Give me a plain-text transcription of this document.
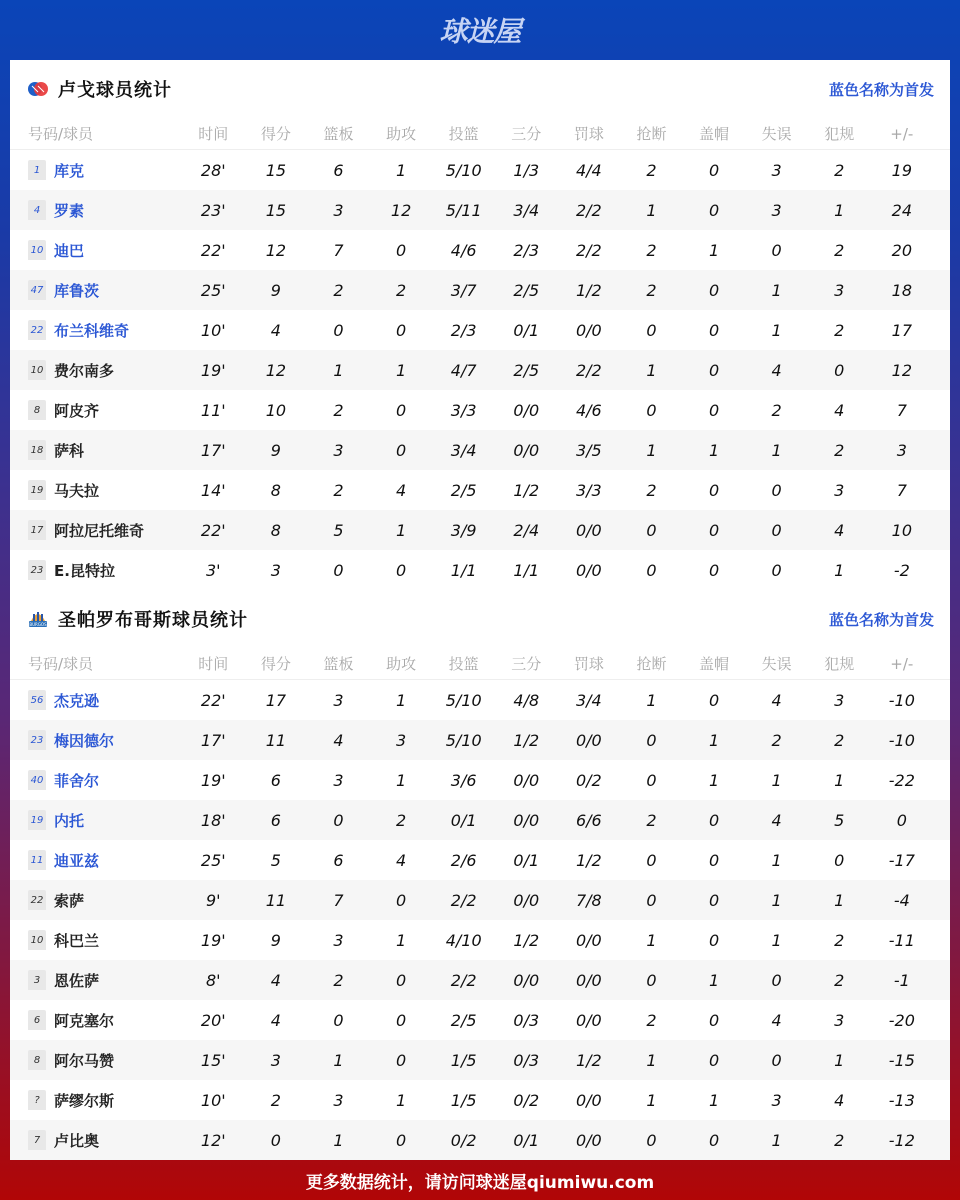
球迷屋
卢戈球员统计	蓝色名称为首发
号码/球员	时间	得分	篮板	助攻	投篮	三分	罚球	抢断	盖帽	失误	犯规	+/-
1 库克	28'	15	6	1	5/10	1/3	4/4	2	0	3	2	19
4 罗素	23'	15	3	12	5/11	3/4	2/2	1	0	3	1	24
10 迪巴	22'	12	7	0	4/6	2/3	2/2	2	1	0	2	20
47 库鲁茨	25'	9	2	2	3/7	2/5	1/2	2	0	1	3	18
22 布兰科维奇	10'	4	0	0	2/3	0/1	0/0	0	0	1	2	17
10 费尔南多	19'	12	1	1	4/7	2/5	2/2	1	0	4	0	12
8 阿皮齐	11'	10	2	0	3/3	0/0	4/6	0	0	2	4	7
18 萨科	17'	9	3	0	3/4	0/0	3/5	1	1	1	2	3
19 马夫拉	14'	8	2	4	2/5	1/2	3/3	2	0	0	3	7
17 阿拉尼托维奇	22'	8	5	1	3/9	2/4	0/0	0	0	0	4	10
23 E.昆特拉	3'	3	0	0	1/1	1/1	0/0	0	0	0	1	-2
BURGOS 圣帕罗布哥斯球员统计	蓝色名称为首发
号码/球员	时间	得分	篮板	助攻	投篮	三分	罚球	抢断	盖帽	失误	犯规	+/-
56 杰克逊	22'	17	3	1	5/10	4/8	3/4	1	0	4	3	-10
23 梅因德尔	17'	11	4	3	5/10	1/2	0/0	0	1	2	2	-10
40 菲舍尔	19'	6	3	1	3/6	0/0	0/2	0	1	1	1	-22
19 内托	18'	6	0	2	0/1	0/0	6/6	2	0	4	5	0
11 迪亚兹	25'	5	6	4	2/6	0/1	1/2	0	0	1	0	-17
22 索萨	9'	11	7	0	2/2	0/0	7/8	0	0	1	1	-4
10 科巴兰	19'	9	3	1	4/10	1/2	0/0	1	0	1	2	-11
3 恩佐萨	8'	4	2	0	2/2	0/0	0/0	0	1	0	2	-1
6 阿克塞尔	20'	4	0	0	2/5	0/3	0/0	2	0	4	3	-20
8 阿尔马赞	15'	3	1	0	1/5	0/3	1/2	1	0	0	1	-15
? 萨缪尔斯	10'	2	3	1	1/5	0/2	0/0	1	1	3	4	-13
7 卢比奥	12'	0	1	0	0/2	0/1	0/0	0	0	1	2	-12
更多数据统计，请访问球迷屋qiumiwu.com
